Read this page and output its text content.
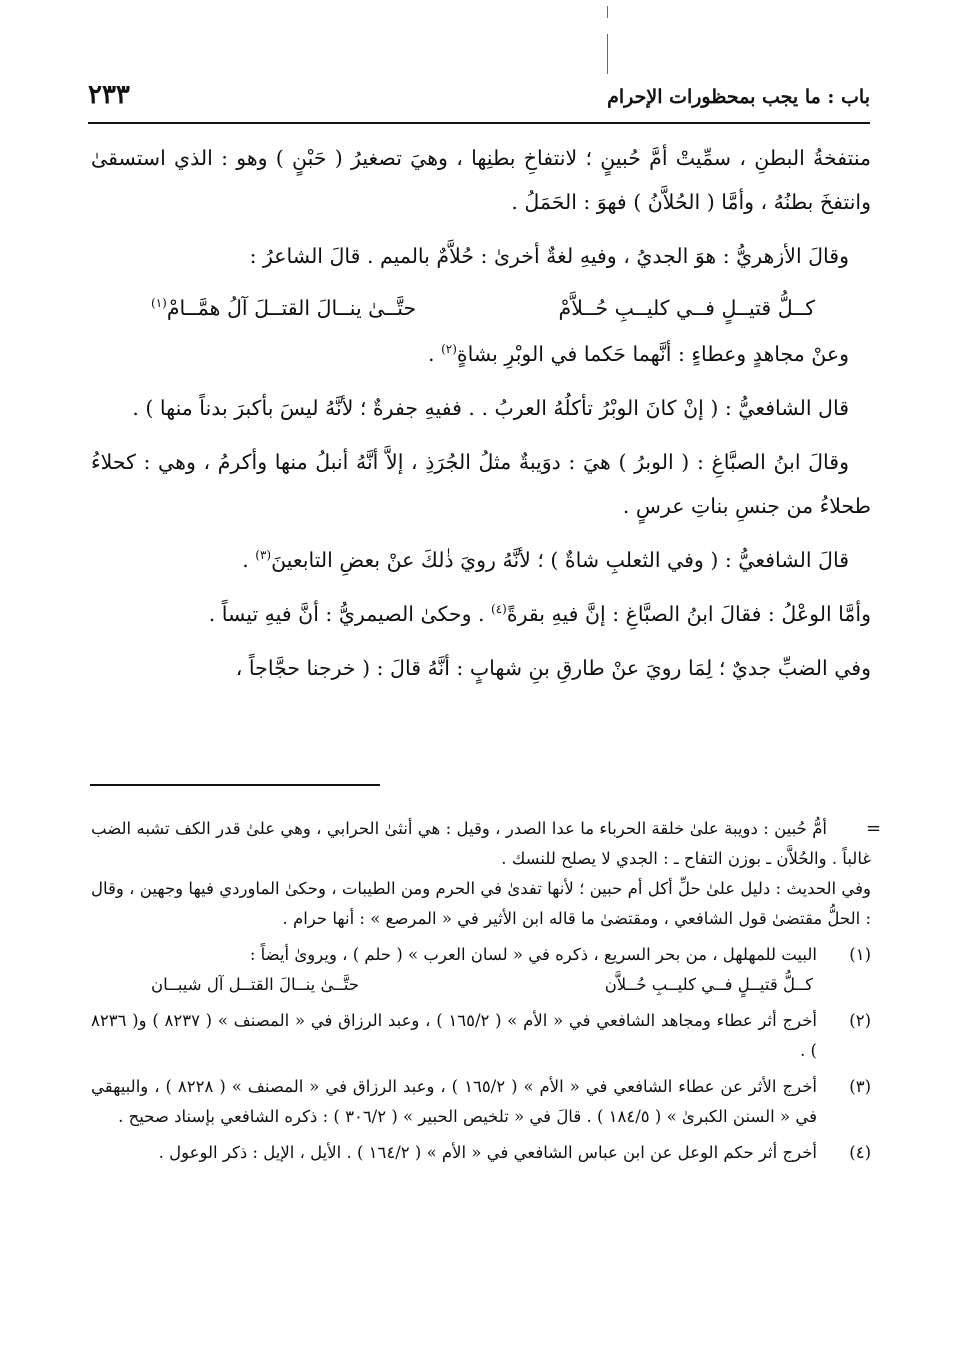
باب : ما يجب بمحظورات الإحرام
٢٣٣

منتفخةُ البطنِ ، سمِّيتْ أمَّ حُبينٍ ؛ لانتفاخِ بطنِها ، وهيَ تصغيرُ ( حَبْنٍ ) وهو : الذي استسقىٰ وانتفخَ بطنُهُ ، وأمَّا ( الحُلاَّنُ ) فهوَ : الحَمَلُ .

وقالَ الأزهريُّ : هوَ الجديُ ، وفيهِ لغةٌ أخرىٰ : حُلاَّمٌ بالميم . قالَ الشاعرُ :

كــلُّ قتيــلٍ فــي كليــبِ حُــلاَّمْ
حتَّــىٰ ينــالَ القتــلَ آلُ همَّــامْ$^{(١)}$

وعنْ مجاهدٍ وعطاءٍ : أنَّهما حَكما في الوبْرِ بشاةٍ$^{(٢)}$ .

قال الشافعيُّ : ( إنْ كانَ الوبْرُ تأكلُهُ العربُ . . ففيهِ جفرةٌ ؛ لأنَّهُ ليسَ بأكبرَ بدناً منها ) .

وقالَ ابنُ الصبَّاغِ : ( الوبرُ ) هيَ : دوَيبةٌ مثلُ الجُرَذِ ، إلاَّ أنَّهُ أنبلُ منها وأكرمُ ، وهي : كحلاءُ طحلاءُ من جنسِ بناتِ عرسٍ .

قالَ الشافعيُّ : ( وفي الثعلبِ شاةٌ ) ؛ لأنَّهُ رويَ ذٰلكَ عنْ بعضِ التابعينَ$^{(٣)}$ .

وأمَّا الوعْلُ : فقالَ ابنُ الصبَّاغِ : إنَّ فيهِ بقرةً$^{(٤)}$ . وحكىٰ الصيمريُّ : أنَّ فيهِ تيساً .

وفي الضبِّ جديٌ ؛ لِمَا رويَ عنْ طارقِ بنِ شهابٍ : أنَّهُ قالَ : ( خرجنا حجَّاجاً ،

=

أمُّ حُبين : دويبة علىٰ خلقة الحرباء ما عدا الصدر ، وقيل : هي أنثىٰ الحرابي ، وهي علىٰ قدر الكف تشبه الضب غالباً . والحُلاَّن ـ بوزن التفاح ـ : الجدي لا يصلح للنسك .

وفي الحديث : دليل علىٰ حلِّ أكل أم حبين ؛ لأنها تفدىٰ في الحرم ومن الطيبات ، وحكىٰ الماوردي فيها وجهين ، وقال : الحلُّ مقتضىٰ قول الشافعي ، ومقتضىٰ ما قاله ابن الأثير في « المرصع » : أنها حرام .

(١)
البيت للمهلهل ، من بحر السريع ، ذكره في « لسان العرب » ( حلم ) ، ويروىٰ أيضاً :
كــلُّ قتيــلٍ فــي كليــبِ حُــلاَّن
حتَّــىٰ ينــالَ القتــل آل شيبــان
(٢)
أخرج أثر عطاء ومجاهد الشافعي في « الأم » ( ١٦٥/٢ ) ، وعبد الرزاق في « المصنف » ( ٨٢٣٧ ) و( ٨٢٣٦ ) .
(٣)
أخرج الأثر عن عطاء الشافعي في « الأم » ( ١٦٥/٢ ) ، وعبد الرزاق في « المصنف » ( ٨٢٢٨ ) ، والبيهقي في « السنن الكبرىٰ » ( ١٨٤/٥ ) . قالَ في « تلخيص الحبير » ( ٣٠٦/٢ ) : ذكره الشافعي بإسناد صحيح .
(٤)
أخرج أثر حكم الوعل عن ابن عباس الشافعي في « الأم » ( ١٦٤/٢ ) . الأيل ، الإيل : ذكر الوعول .
